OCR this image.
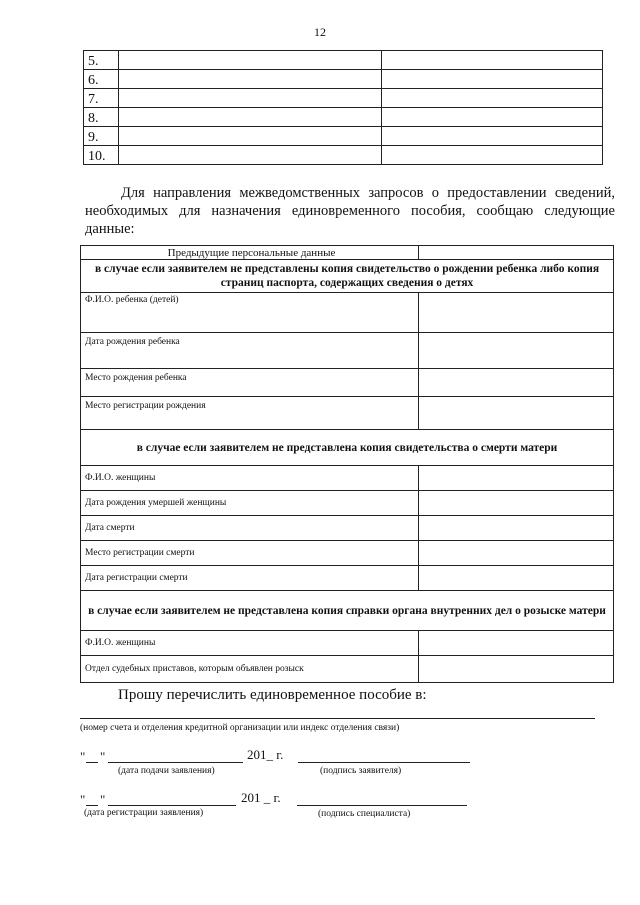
12
5.		
6.		
7.		
8.		
9.		
10.		
Для направления межведомственных запросов о предоставлении сведений, необходимых для назначения единовременного пособия, сообщаю следующие данные:
Предыдущие персональные данные	
в случае если заявителем не представлены копия свидетельство о рождении ребенка либо копия страниц паспорта, содержащих сведения о детях	
Ф.И.О. ребенка (детей)	
Дата рождения ребенка	
Место рождения ребенка	
Место регистрации рождения	
в случае если заявителем не представлена копия свидетельства о смерти матери	
Ф.И.О. женщины	
Дата рождения умершей женщины	
Дата смерти	
Место регистрации смерти	
Дата регистрации смерти	
в случае если заявителем не представлена копия справки органа внутренних дел о розыске матери	
Ф.И.О. женщины	
Отдел судебных приставов, которым объявлен розыск	
Прошу перечислить единовременное пособие в:
(номер счета и отделения кредитной организации или индекс отделения связи)
" "	201_ г.
(дата подачи заявления)	(подпись заявителя)
" "	201 _ г.
(дата регистрации заявления)	(подпись специалиста)
